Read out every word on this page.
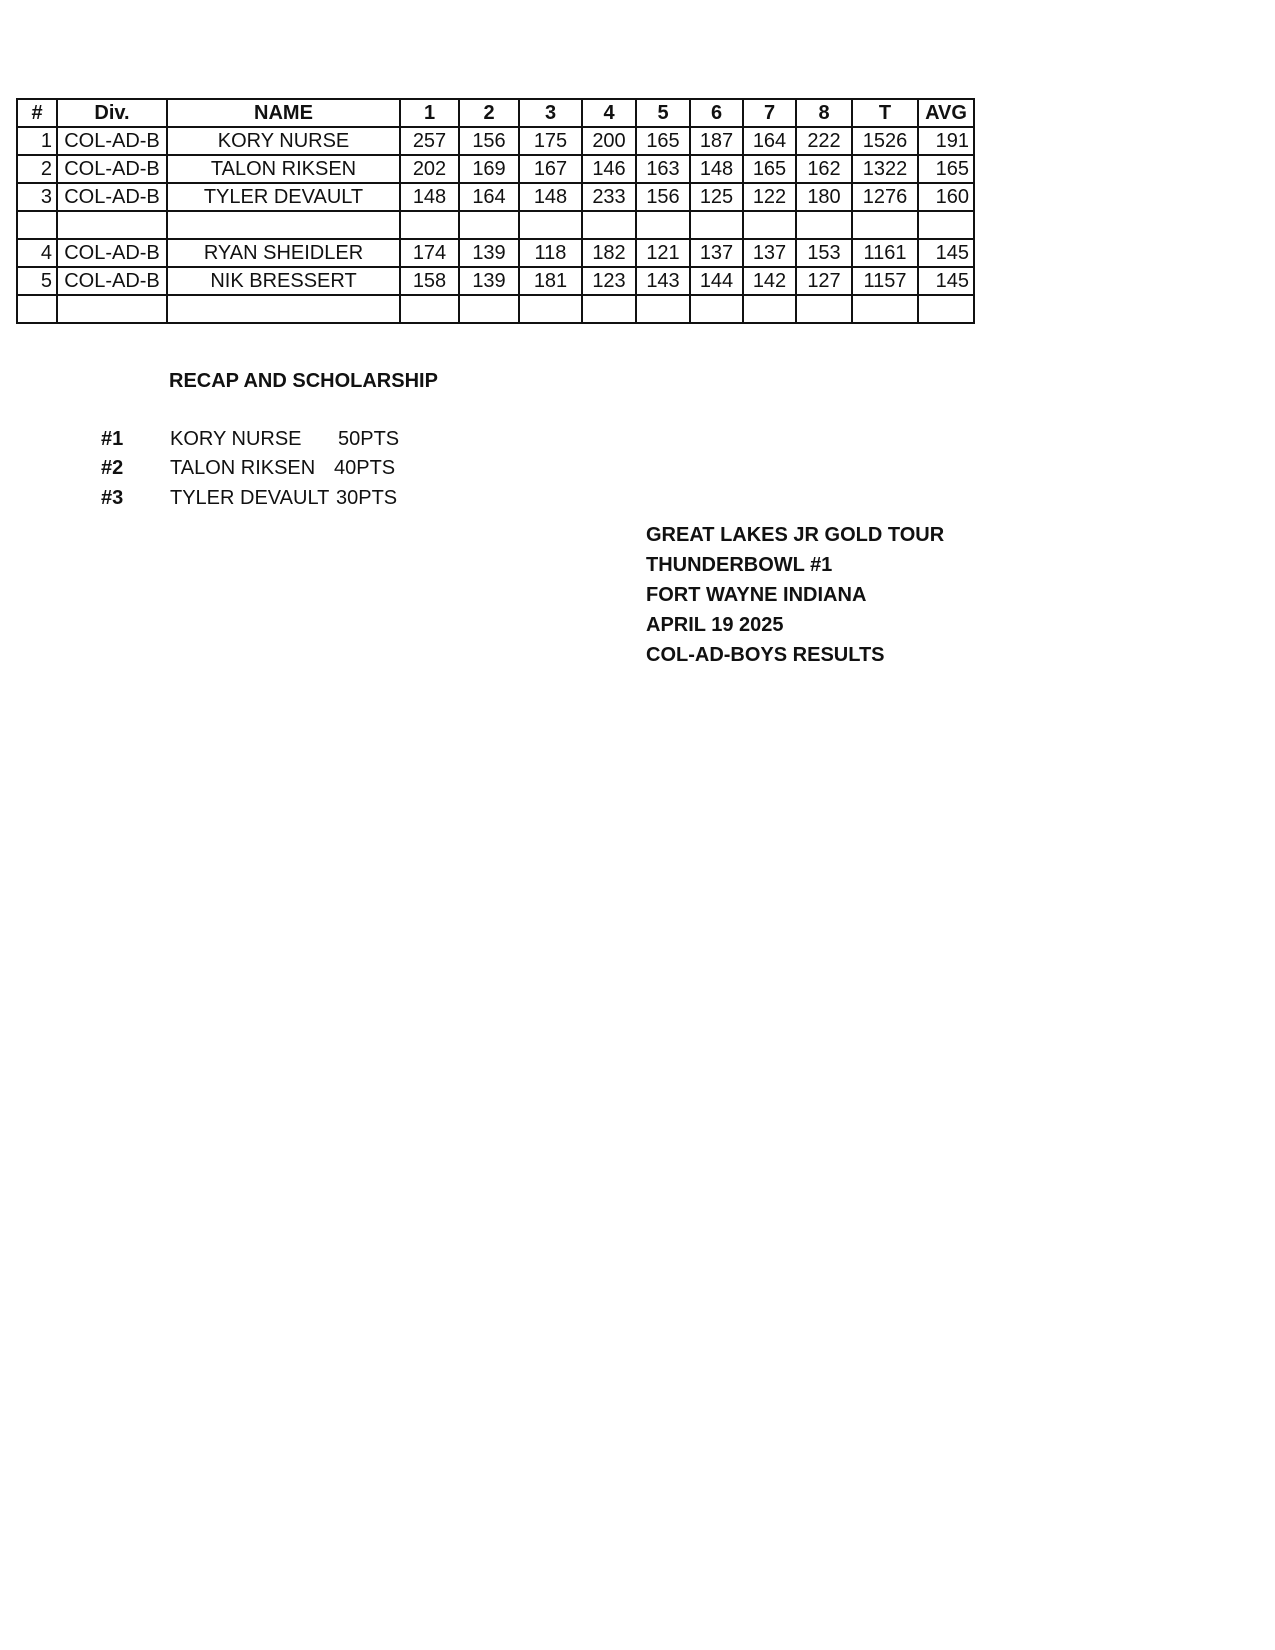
#	Div.	NAME	1	2	3	4	5	6	7	8	T	AVG
1	COL-AD-B	KORY NURSE	257	156	175	200	165	187	164	222	1526	191
2	COL-AD-B	TALON RIKSEN	202	169	167	146	163	148	165	162	1322	165
3	COL-AD-B	TYLER DEVAULT	148	164	148	233	156	125	122	180	1276	160

4	COL-AD-B	RYAN SHEIDLER	174	139	118	182	121	137	137	153	1161	145
5	COL-AD-B	NIK BRESSERT	158	139	181	123	143	144	142	127	1157	145

RECAP AND SCHOLARSHIP
#1 KORY NURSE 50PTS
#2 TALON RIKSEN 40PTS
#3 TYLER DEVAULT 30PTS
GREAT LAKES JR GOLD TOUR
THUNDERBOWL #1
FORT WAYNE INDIANA
APRIL 19 2025
COL-AD-BOYS RESULTS
